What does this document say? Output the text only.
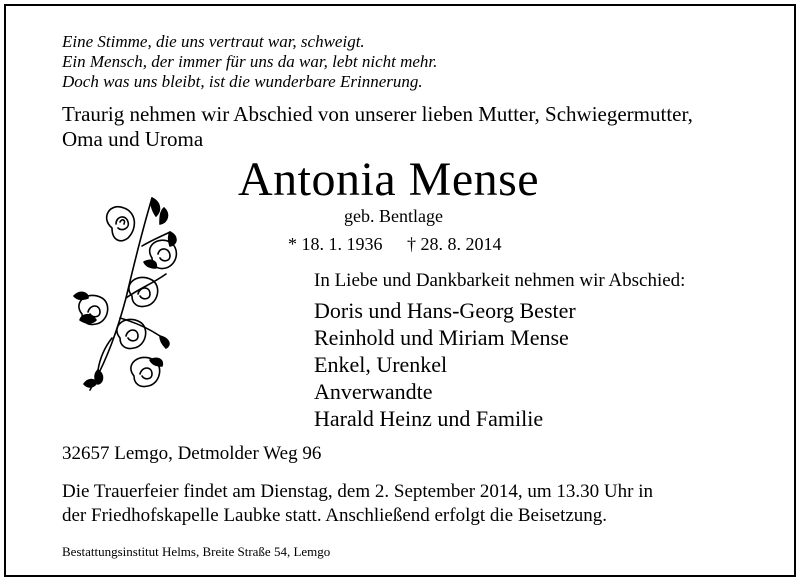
Eine Stimme, die uns vertraut war, schweigt.
Ein Mensch, der immer für uns da war, lebt nicht mehr.
Doch was uns bleibt, ist die wunderbare Erinnerung.
Traurig nehmen wir Abschied von unserer lieben Mutter, Schwiegermutter,
Oma und Uroma
Antonia Mense
geb. Bentlage
* 18. 1. 1936 † 28. 8. 2014
In Liebe und Dankbarkeit nehmen wir Abschied:
Doris und Hans-Georg Bester
Reinhold und Miriam Mense
Enkel, Urenkel
Anverwandte
Harald Heinz und Familie
32657 Lemgo, Detmolder Weg 96
Die Trauerfeier findet am Dienstag, dem 2. September 2014, um 13.30 Uhr in
der Friedhofskapelle Laubke statt. Anschließend erfolgt die Beisetzung.
Bestattungsinstitut Helms, Breite Straße 54, Lemgo
